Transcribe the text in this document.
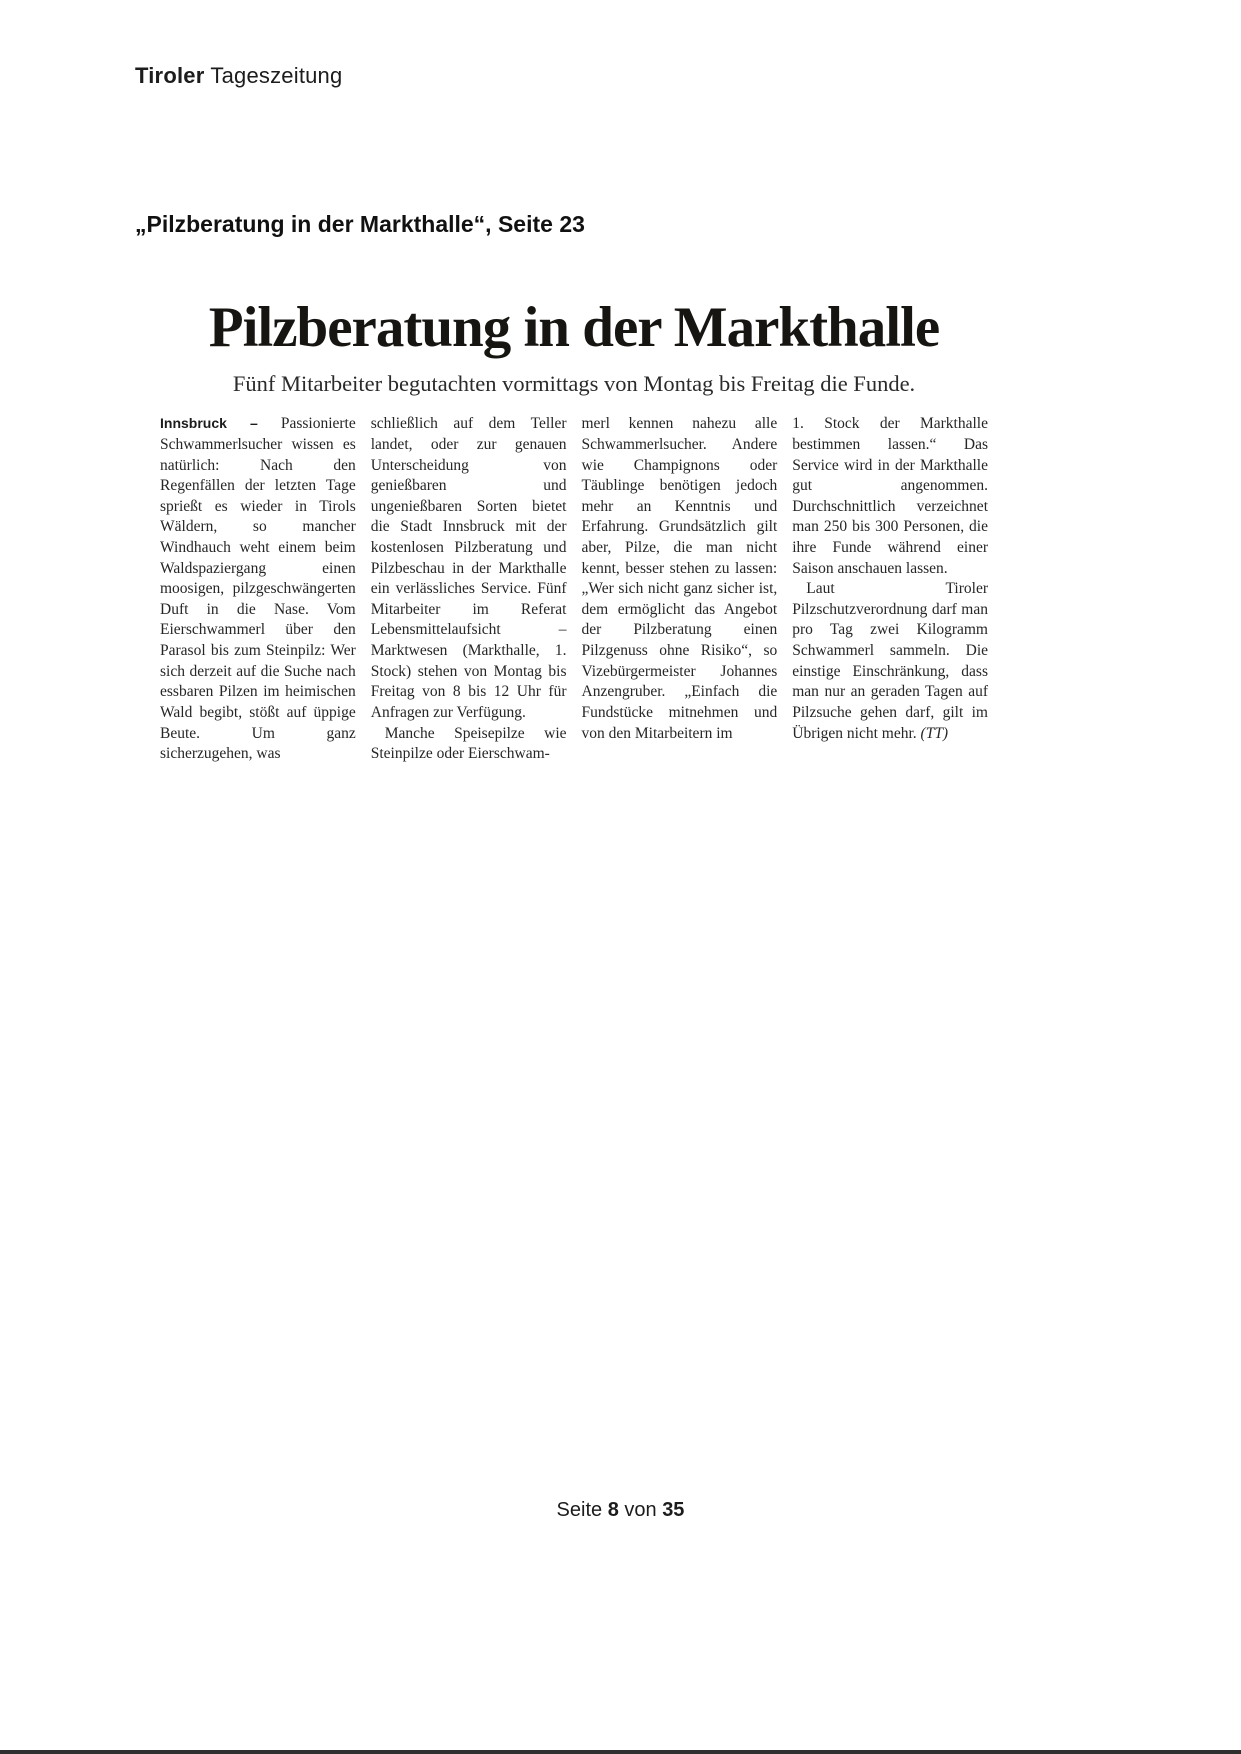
Tiroler Tageszeitung
„Pilzberatung in der Markthalle“, Seite 23
Pilzberatung in der Markthalle
Fünf Mitarbeiter begutachten vormittags von Montag bis Freitag die Funde.

Innsbruck – Passionierte Schwammerlsucher wissen es natürlich: Nach den Regenfällen der letzten Tage sprießt es wieder in Tirols Wäldern, so mancher Windhauch weht einem beim Waldspaziergang einen moosigen, pilzgeschwängerten Duft in die Nase. Vom Eierschwammerl über den Parasol bis zum Steinpilz: Wer sich derzeit auf die Suche nach essbaren Pilzen im heimischen Wald begibt, stößt auf üppige Beute. Um ganz sicherzugehen, was

schließlich auf dem Teller landet, oder zur genauen Unterscheidung von genießbaren und ungenießbaren Sorten bietet die Stadt Innsbruck mit der kostenlosen Pilzberatung und Pilzbeschau in der Markthalle ein verlässliches Service. Fünf Mitarbeiter im Referat Lebensmittelaufsicht – Marktwesen (Markthalle, 1. Stock) stehen von Montag bis Freitag von 8 bis 12 Uhr für Anfragen zur Verfügung.

Manche Speisepilze wie Steinpilze oder Eierschwam-

merl kennen nahezu alle Schwammerlsucher. Andere wie Champignons oder Täublinge benötigen jedoch mehr an Kenntnis und Erfahrung. Grundsätzlich gilt aber, Pilze, die man nicht kennt, besser stehen zu lassen: „Wer sich nicht ganz sicher ist, dem ermöglicht das Angebot der Pilzberatung einen Pilzgenuss ohne Risiko“, so Vizebürgermeister Johannes Anzengruber. „Einfach die Fundstücke mitnehmen und von den Mitarbeitern im

1. Stock der Markthalle bestimmen lassen.“ Das Service wird in der Markthalle gut angenommen. Durchschnittlich verzeichnet man 250 bis 300 Personen, die ihre Funde während einer Saison anschauen lassen.

Laut Tiroler Pilzschutzverordnung darf man pro Tag zwei Kilogramm Schwammerl sammeln. Die einstige Einschränkung, dass man nur an geraden Tagen auf Pilzsuche gehen darf, gilt im Übrigen nicht mehr. (TT)

Seite 8 von 35
